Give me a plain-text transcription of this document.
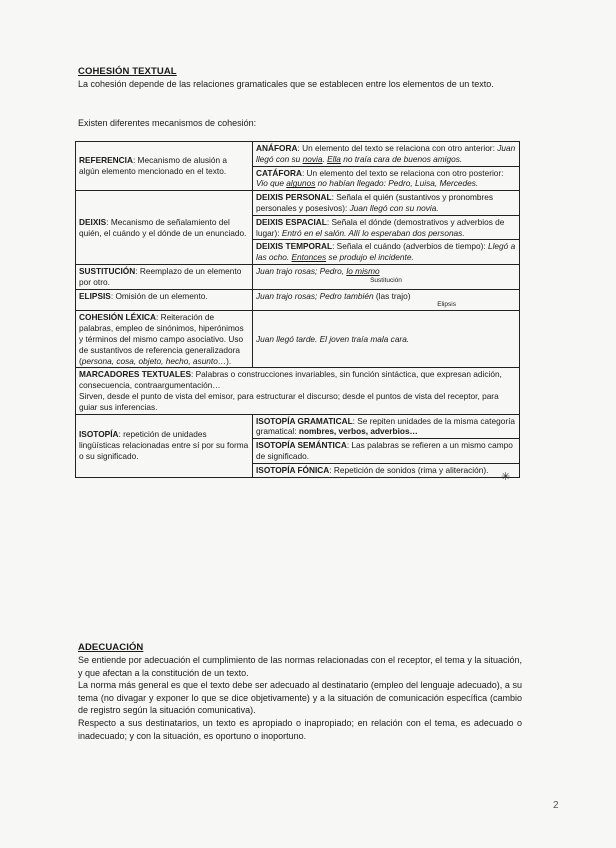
COHESIÓN TEXTUAL
La cohesión depende de las relaciones gramaticales que se establecen entre los elementos de un texto.
Existen diferentes mecanismos de cohesión:
REFERENCIA: Mecanismo de alusión a algún elemento mencionado en el texto.	ANÁFORA: Un elemento del texto se relaciona con otro anterior: Juan llegó con su novia. Ella no traía cara de buenos amigos.
	CATÁFORA: Un elemento del texto se relaciona con otro posterior: Vio que algunos no habían llegado: Pedro, Luisa, Mercedes.
DEIXIS: Mecanismo de señalamiento del quién, el cuándo y el dónde de un enunciado.	DEIXIS PERSONAL: Señala el quién (sustantivos y pronombres personales y posesivos): Juan llegó con su novia.
	DEIXIS ESPACIAL: Señala el dónde (demostrativos y adverbios de lugar): Entró en el salón. Allí lo esperaban dos personas.
	DEIXIS TEMPORAL: Señala el cuándo (adverbios de tiempo): Llegó a las ocho. Entonces se produjo el incidente.
SUSTITUCIÓN: Reemplazo de un elemento por otro.	Juan trajo rosas; Pedro, lo mismo
Sustitución

ELIPSIS: Omisión de un elemento.	Juan trajo rosas; Pedro también (las trajo)
Elipsis

COHESIÓN LÉXICA: Reiteración de palabras, empleo de sinónimos, hiperónimos y términos del mismo campo asociativo. Uso de sustantivos de referencia generalizadora (persona, cosa, objeto, hecho, asunto…).	Juan llegó tarde. El joven traía mala cara.
MARCADORES TEXTUALES: Palabras o construcciones invariables, sin función sintáctica, que expresan adición, consecuencia, contraargumentación…
Sirven, desde el punto de vista del emisor, para estructurar el discurso; desde el puntos de vista del receptor, para guiar sus inferencias.	
ISOTOPÍA: repetición de unidades lingüísticas relacionadas entre sí por su forma o su significado.	ISOTOPÍA GRAMATICAL: Se repiten unidades de la misma categoría gramatical: nombres, verbos, adverbios…
	ISOTOPÍA SEMÁNTICA: Las palabras se refieren a un mismo campo de significado.
	ISOTOPÍA FÓNICA: Repetición de sonidos (rima y aliteración).
✳
ADECUACIÓN
Se entiende por adecuación el cumplimiento de las normas relacionadas con el receptor, el tema y la situación, y que afectan a la constitución de un texto.
La norma más general es que el texto debe ser adecuado al destinatario (empleo del lenguaje adecuado), a su tema (no divagar y exponer lo que se dice objetivamente) y a la situación de comunicación específica (cambio de registro según la situación comunicativa).
Respecto a sus destinatarios, un texto es apropiado o inapropiado; en relación con el tema, es adecuado o inadecuado; y con la situación, es oportuno o inoportuno.
2
